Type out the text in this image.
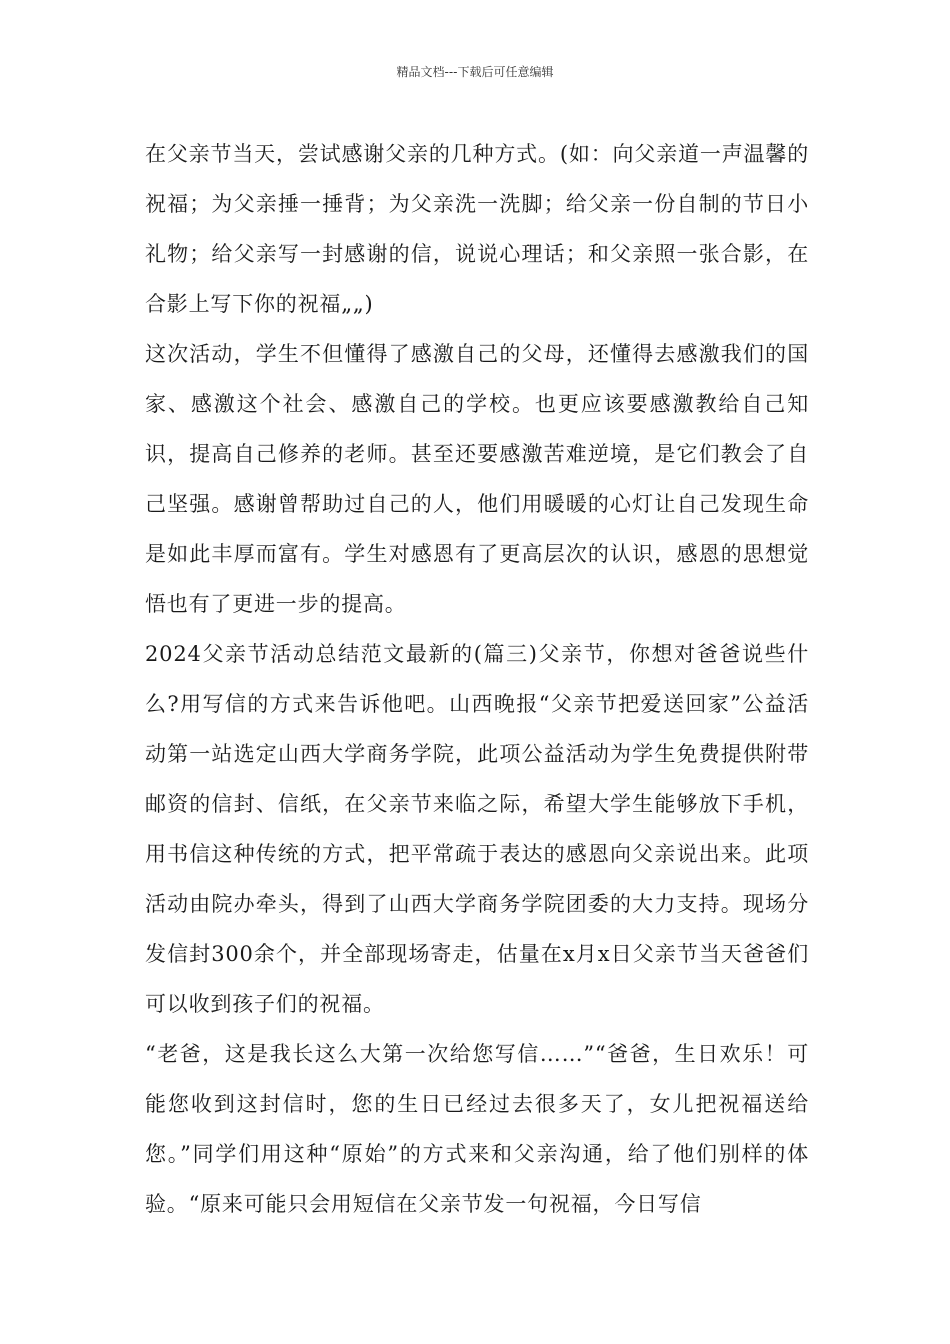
精品文档---下载后可任意编辑

在父亲节当天，尝试感谢父亲的几种方式。(如：向父亲道一声温馨的祝福；为父亲捶一捶背；为父亲洗一洗脚；给父亲一份自制的节日小礼物；给父亲写一封感谢的信，说说心理话；和父亲照一张合影，在合影上写下你的祝福„„)

这次活动，学生不但懂得了感激自己的父母，还懂得去感激我们的国家、感激这个社会、感激自己的学校。也更应该要感激教给自己知识，提高自己修养的老师。甚至还要感激苦难逆境，是它们教会了自己坚强。感谢曾帮助过自己的人，他们用暖暖的心灯让自己发现生命是如此丰厚而富有。学生对感恩有了更高层次的认识，感恩的思想觉悟也有了更进一步的提高。

2024父亲节活动总结范文最新的(篇三)父亲节，你想对爸爸说些什么?用写信的方式来告诉他吧。山西晚报“父亲节把爱送回家”公益活动第一站选定山西大学商务学院，此项公益活动为学生免费提供附带邮资的信封、信纸，在父亲节来临之际，希望大学生能够放下手机，用书信这种传统的方式，把平常疏于表达的感恩向父亲说出来。此项活动由院办牵头，得到了山西大学商务学院团委的大力支持。现场分发信封300余个，并全部现场寄走，估量在x月x日父亲节当天爸爸们可以收到孩子们的祝福。

“老爸，这是我长这么大第一次给您写信……”“爸爸，生日欢乐！可能您收到这封信时，您的生日已经过去很多天了，女儿把祝福送给您。”同学们用这种“原始”的方式来和父亲沟通，给了他们别样的体验。“原来可能只会用短信在父亲节发一句祝福，今日写信
